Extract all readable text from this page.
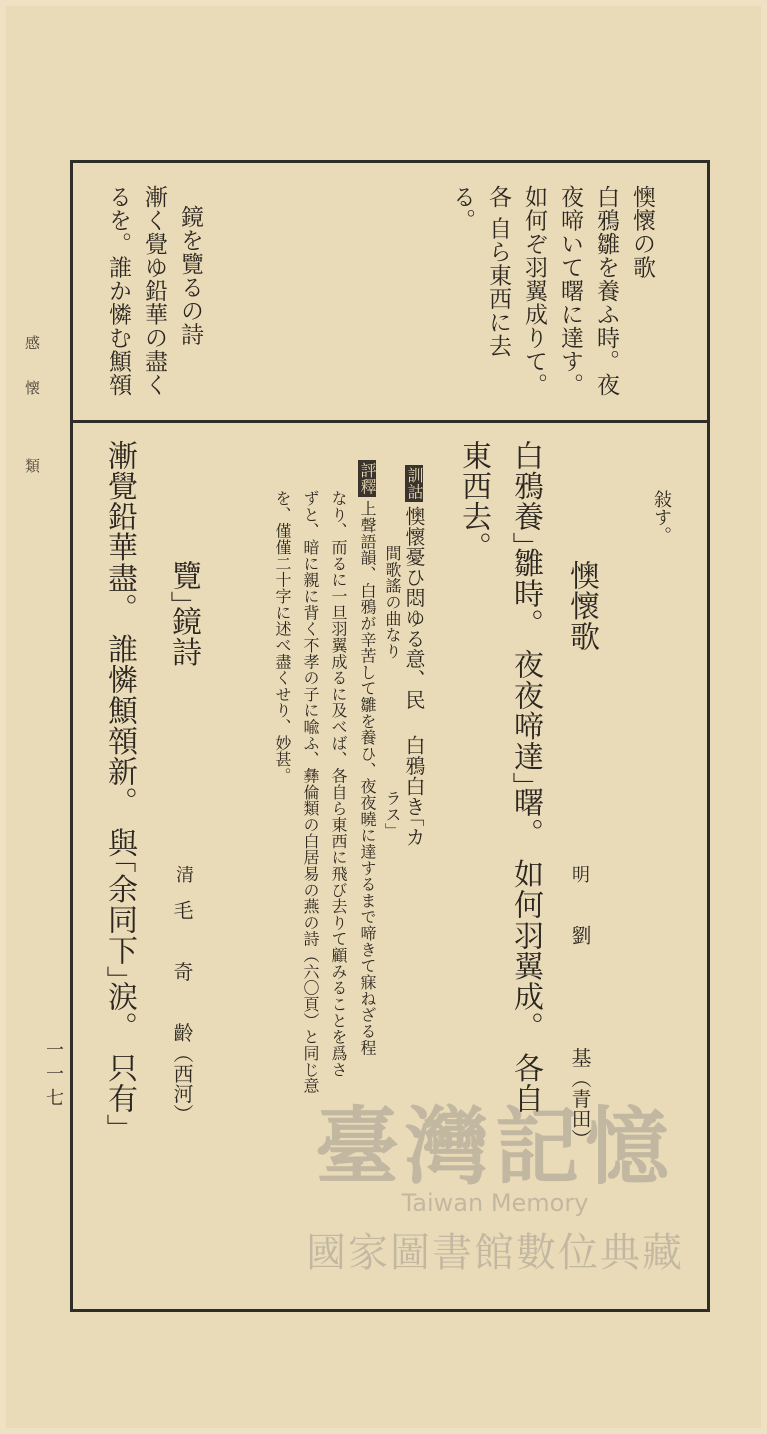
感
懐
類
一一七

懊懷の歌
白鴉雛を養ふ時。夜
夜啼いて曙に達す。
如何ぞ羽翼成りて。
各 自ら東西に去
る。
鏡を覽るの詩
漸く覺ゆ鉛華の盡く
るを。誰か憐む顦顇
敍す。
懊懷歌
明
劉　　　　　基（青田）
白鴉養｣雛時。 夜夜啼達｣曙。 如何羽翼成。 各自
東西去。
訓詁懊懷憂ひ悶ゆる意、民
間歌謠の曲なり
白鴉白き｢カ
ラス｣
評釋上聲語韻、白鴉が辛苦して雛を養ひ、夜夜曉に達するまで啼きて寐ねざる程
なり、而るに一旦羽翼成るに及べば、各自ら東西に飛び去りて顧みることを爲さ
ずと、暗に親に背く不孝の子に喩ふ、彝倫類の白居易の燕の詩（六〇頁）と同じ意
を、僅僅二十字に述べ盡くせり、妙甚。
覽｣鏡詩
清
毛　　奇　　齡（西河）
漸覺鉛華盡。 誰憐顦顇新。 與｢余同下｣涙。 只有｣
臺灣記憶
Taiwan Memory
國家圖書館數位典藏
